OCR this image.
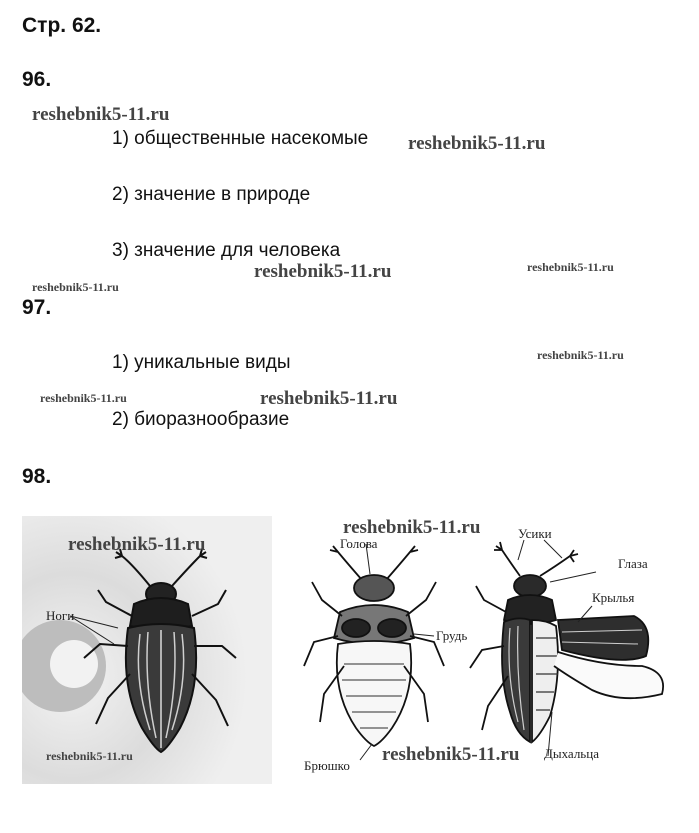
Стр. 62.
96.
1) общественные насекомые
2) значение в природе
3) значение для человека
97.
1) уникальные виды
2) биоразнообразие
98.
Ноги
Голова
Грудь
Брюшко
Усики
Глаза
Крылья
Дыхальца
reshebnik5-11.ru
reshebnik5-11.ru
reshebnik5-11.ru	reshebnik5-11.ru
reshebnik5-11.ru
reshebnik5-11.ru
reshebnik5-11.ru	reshebnik5-11.ru
reshebnik5-11.ru
reshebnik5-11.ru
reshebnik5-11.ru	reshebnik5-11.ru
